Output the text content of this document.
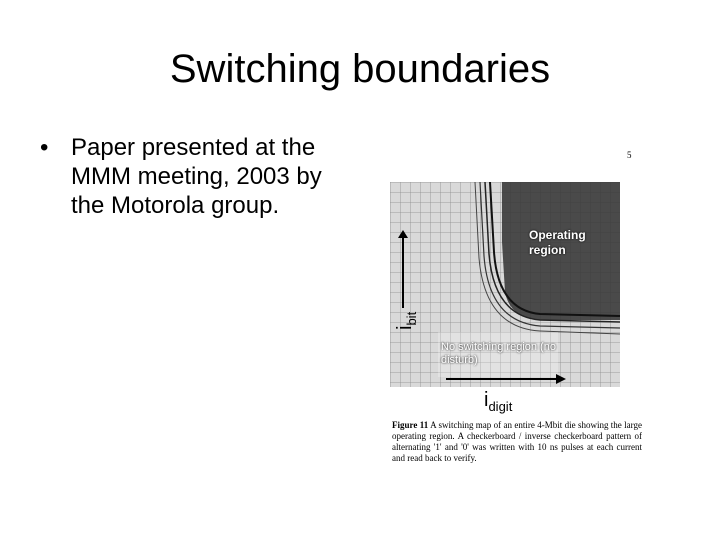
Switching boundaries
• Paper presented at the MMM meeting, 2003 by the Motorola group.
5
Operating region
No switching region (no disturb)
$i_{bit}$
$i_{digit}$
Figure 11 A switching map of an entire 4-Mbit die showing the large operating region. A checkerboard / inverse checkerboard pattern of alternating '1' and '0' was written with 10 ns pulses at each current and read back to verify.
